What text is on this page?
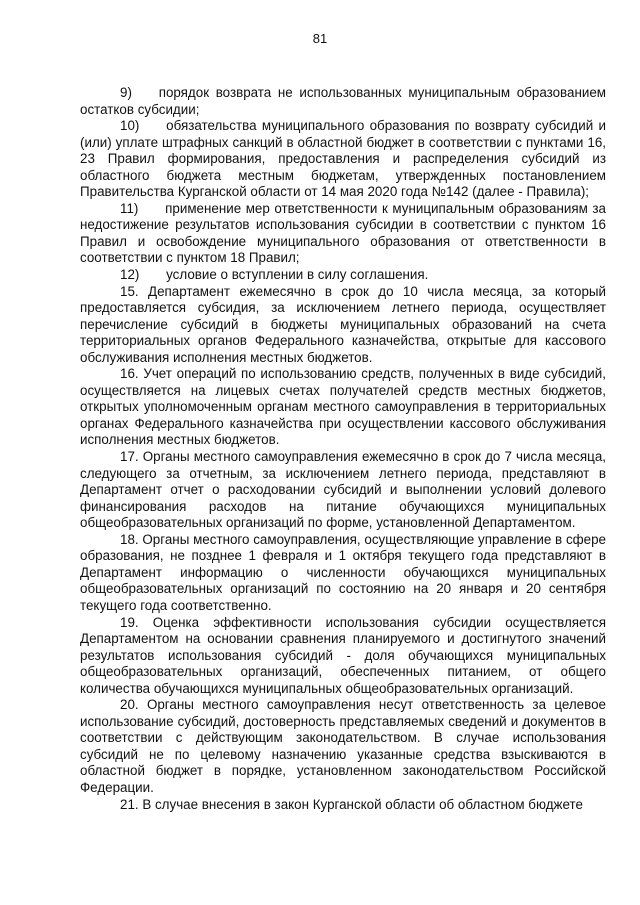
81

9)  порядок возврата не использованных муниципальным образованием остатков субсидии;

10)  обязательства муниципального образования по возврату субсидий и (или) уплате штрафных санкций в областной бюджет в соответствии с пунктами 16, 23 Правил формирования, предоставления и распределения субсидий из областного бюджета местным бюджетам, утвержденных постановлением Правительства Курганской области от 14 мая 2020 года №142 (далее - Правила);

11)  применение мер ответственности к муниципальным образованиям за недостижение результатов использования субсидии в соответствии с пунктом 16 Правил и освобождение муниципального образования от ответственности в соответствии с пунктом 18 Правил;

12)  условие о вступлении в силу соглашения.

15. Департамент ежемесячно в срок до 10 числа месяца, за который предоставляется субсидия, за исключением летнего периода, осуществляет перечисление субсидий в бюджеты муниципальных образований на счета территориальных органов Федерального казначейства, открытые для кассового обслуживания исполнения местных бюджетов.

16. Учет операций по использованию средств, полученных в виде субсидий, осуществляется на лицевых счетах получателей средств местных бюджетов, открытых уполномоченным органам местного самоуправления в территориальных органах Федерального казначейства при осуществлении кассового обслуживания исполнения местных бюджетов.

17. Органы местного самоуправления ежемесячно в срок до 7 числа месяца, следующего за отчетным, за исключением летнего периода, представляют в Департамент отчет о расходовании субсидий и выполнении условий долевого финансирования расходов на питание обучающихся муниципальных общеобразовательных организаций по форме, установленной Департаментом.

18. Органы местного самоуправления, осуществляющие управление в сфере образования, не позднее 1 февраля и 1 октября текущего года представляют в Департамент информацию о численности обучающихся муниципальных общеобразовательных организаций по состоянию на 20 января и 20 сентября текущего года соответственно.

19. Оценка эффективности использования субсидии осуществляется Департаментом на основании сравнения планируемого и достигнутого значений результатов использования субсидий - доля обучающихся муниципальных общеобразовательных организаций, обеспеченных питанием, от общего количества обучающихся муниципальных общеобразовательных организаций.

20. Органы местного самоуправления несут ответственность за целевое использование субсидий, достоверность представляемых сведений и документов в соответствии с действующим законодательством. В случае использования субсидий не по целевому назначению указанные средства взыскиваются в областной бюджет в порядке, установленном законодательством Российской Федерации.

21. В случае внесения в закон Курганской области об областном бюджете
